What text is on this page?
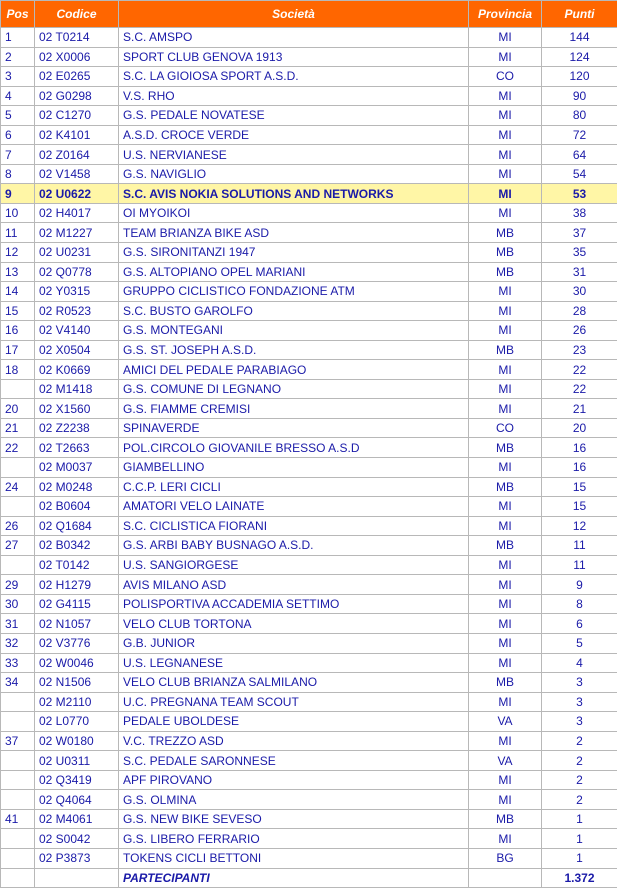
Pos	Codice	Società	Provincia	Punti
1	02 T0214	S.C. AMSPO	MI	144
2	02 X0006	SPORT CLUB GENOVA 1913	MI	124
3	02 E0265	S.C. LA GIOIOSA SPORT A.S.D.	CO	120
4	02 G0298	V.S. RHO	MI	90
5	02 C1270	G.S. PEDALE NOVATESE	MI	80
6	02 K4101	A.S.D. CROCE VERDE	MI	72
7	02 Z0164	U.S. NERVIANESE	MI	64
8	02 V1458	G.S. NAVIGLIO	MI	54
9	02 U0622	S.C. AVIS NOKIA SOLUTIONS AND NETWORKS	MI	53
10	02 H4017	OI MYOIKOI	MI	38
11	02 M1227	TEAM BRIANZA BIKE ASD	MB	37
12	02 U0231	G.S. SIRONITANZI 1947	MB	35
13	02 Q0778	G.S. ALTOPIANO OPEL MARIANI	MB	31
14	02 Y0315	GRUPPO CICLISTICO FONDAZIONE ATM	MI	30
15	02 R0523	S.C. BUSTO GAROLFO	MI	28
16	02 V4140	G.S. MONTEGANI	MI	26
17	02 X0504	G.S. ST. JOSEPH A.S.D.	MB	23
18	02 K0669	AMICI DEL PEDALE PARABIAGO	MI	22
	02 M1418	G.S. COMUNE DI LEGNANO	MI	22
20	02 X1560	G.S. FIAMME CREMISI	MI	21
21	02 Z2238	SPINAVERDE	CO	20
22	02 T2663	POL.CIRCOLO GIOVANILE BRESSO A.S.D	MB	16
	02 M0037	GIAMBELLINO	MI	16
24	02 M0248	C.C.P. LERI CICLI	MB	15
	02 B0604	AMATORI VELO LAINATE	MI	15
26	02 Q1684	S.C. CICLISTICA FIORANI	MI	12
27	02 B0342	G.S. ARBI BABY BUSNAGO A.S.D.	MB	11
	02 T0142	U.S. SANGIORGESE	MI	11
29	02 H1279	AVIS MILANO ASD	MI	9
30	02 G4115	POLISPORTIVA ACCADEMIA SETTIMO	MI	8
31	02 N1057	VELO CLUB TORTONA	MI	6
32	02 V3776	G.B. JUNIOR	MI	5
33	02 W0046	U.S. LEGNANESE	MI	4
34	02 N1506	VELO CLUB BRIANZA SALMILANO	MB	3
	02 M2110	U.C. PREGNANA TEAM SCOUT	MI	3
	02 L0770	PEDALE UBOLDESE	VA	3
37	02 W0180	V.C. TREZZO ASD	MI	2
	02 U0311	S.C. PEDALE SARONNESE	VA	2
	02 Q3419	APF PIROVANO	MI	2
	02 Q4064	G.S. OLMINA	MI	2
41	02 M4061	G.S. NEW BIKE SEVESO	MB	1
	02 S0042	G.S. LIBERO FERRARIO	MI	1
	02 P3873	TOKENS CICLI BETTONI	BG	1
		PARTECIPANTI		1.372
